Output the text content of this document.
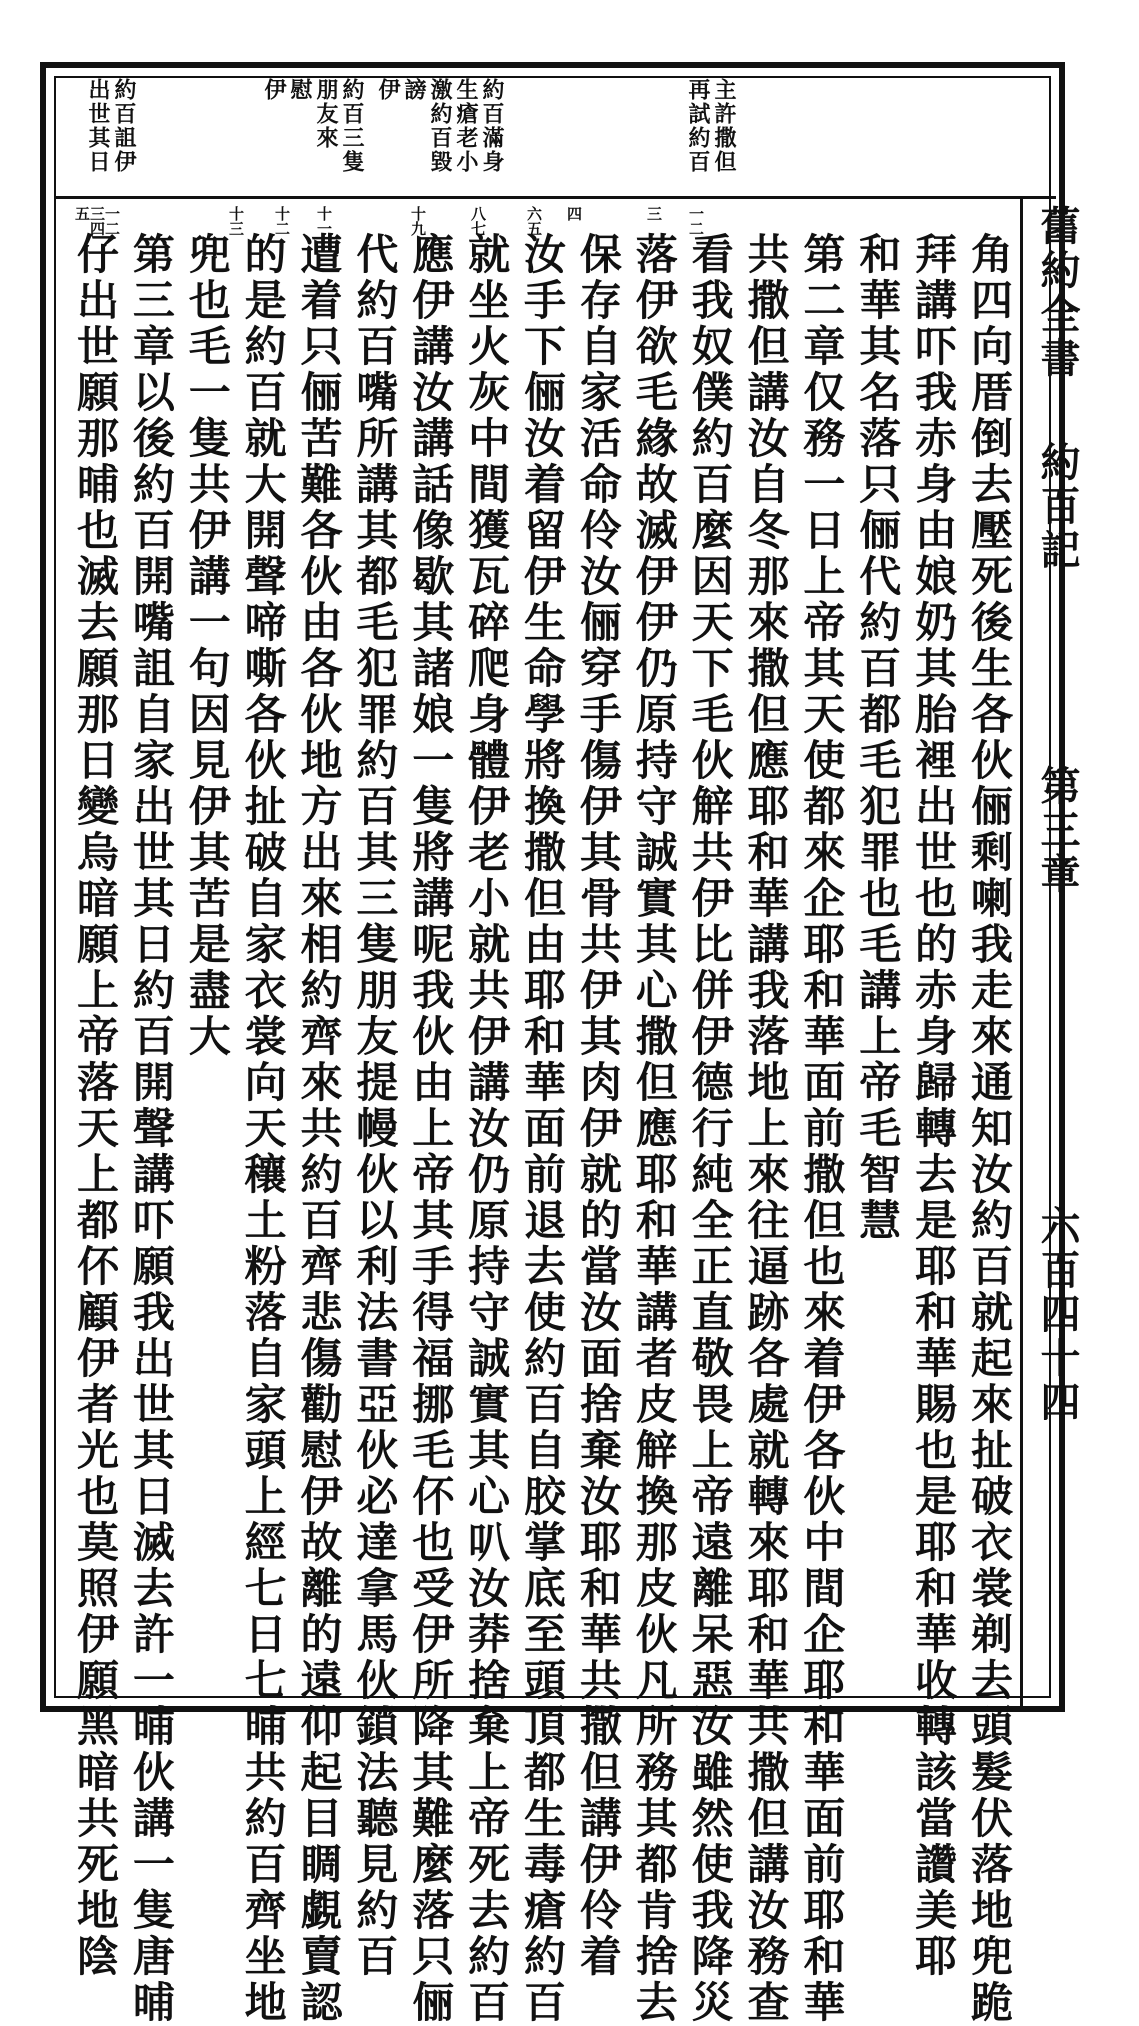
主許撒但
再試約百
約百滿身
生瘡老小
激約百毀
謗
伊
約百三隻
朋友來
慰
伊
約百詛伊
出世其日
一二三四五	十三 十二 十一	十九	八七	六五 四	三 一二	舊約全書
約百記
第三章
六百四十四
角四向厝倒去壓死後生各伙俪剩喇我走來通知汝約百就起來扯破衣裳剃去頭髮伏落地兜跪
拜講吓我赤身由娘奶其胎裡出世也的赤身歸轉去是耶和華賜也是耶和華收轉該當讚美耶
和華其名落只俪代約百都毛犯罪也毛講上帝毛智慧
第二章仅務一日上帝其天使都來企耶和華面前撒但也來着伊各伙中間企耶和華面前耶和華
共撒但講汝自冬那來撒但應耶和華講我落地上來往逼跡各處就轉來耶和華共撒但講汝務查
看我奴僕約百麼因天下毛伙觪共伊比併伊德行純全正直敬畏上帝遠離呆惡汝雖然使我降災
落伊欲毛緣故滅伊伊仍原持守誠實其心撒但應耶和華講者皮觪換那皮伙凡所務其都肯捨去
保存自家活命伶汝俪穿手傷伊其骨共伊其肉伊就的當汝面捨棄汝耶和華共撒但講伊伶着
汝手下俪汝着留伊生命學將換撒但由耶和華面前退去使約百自胶掌底至頭頂都生毒瘡約百
就坐火灰中間獲瓦碎爬身體伊老小就共伊講汝仍原持守誠實其心叭汝莽捨棄上帝死去約百
應伊講汝講話像歇其諸娘一隻將講呢我伙由上帝其手得福挪毛伓也受伊所降其難麼落只俪
代約百嘴所講其都毛犯罪約百其三隻朋友提幔伙以利法書亞伙必達拿馬伙鎖法聽見約百
遭着只俪苦難各伙由各伙地方出來相約齊來共約百齊悲傷勸慰伊故離的遠仰起目睭覷賣認
的是約百就大開聲啼嘶各伙扯破自家衣裳向天穰土粉落自家頭上經七日七晡共約百齊坐地
兜也毛一隻共伊講一句因見伊其苦是盡大
第三章以後約百開嘴詛自家出世其日約百開聲講吓願我出世其日滅去許一晡伙講一隻唐晡
仔出世願那晡也滅去願那日變烏暗願上帝落天上都伓顧伊者光也莫照伊願黑暗共死地陰
